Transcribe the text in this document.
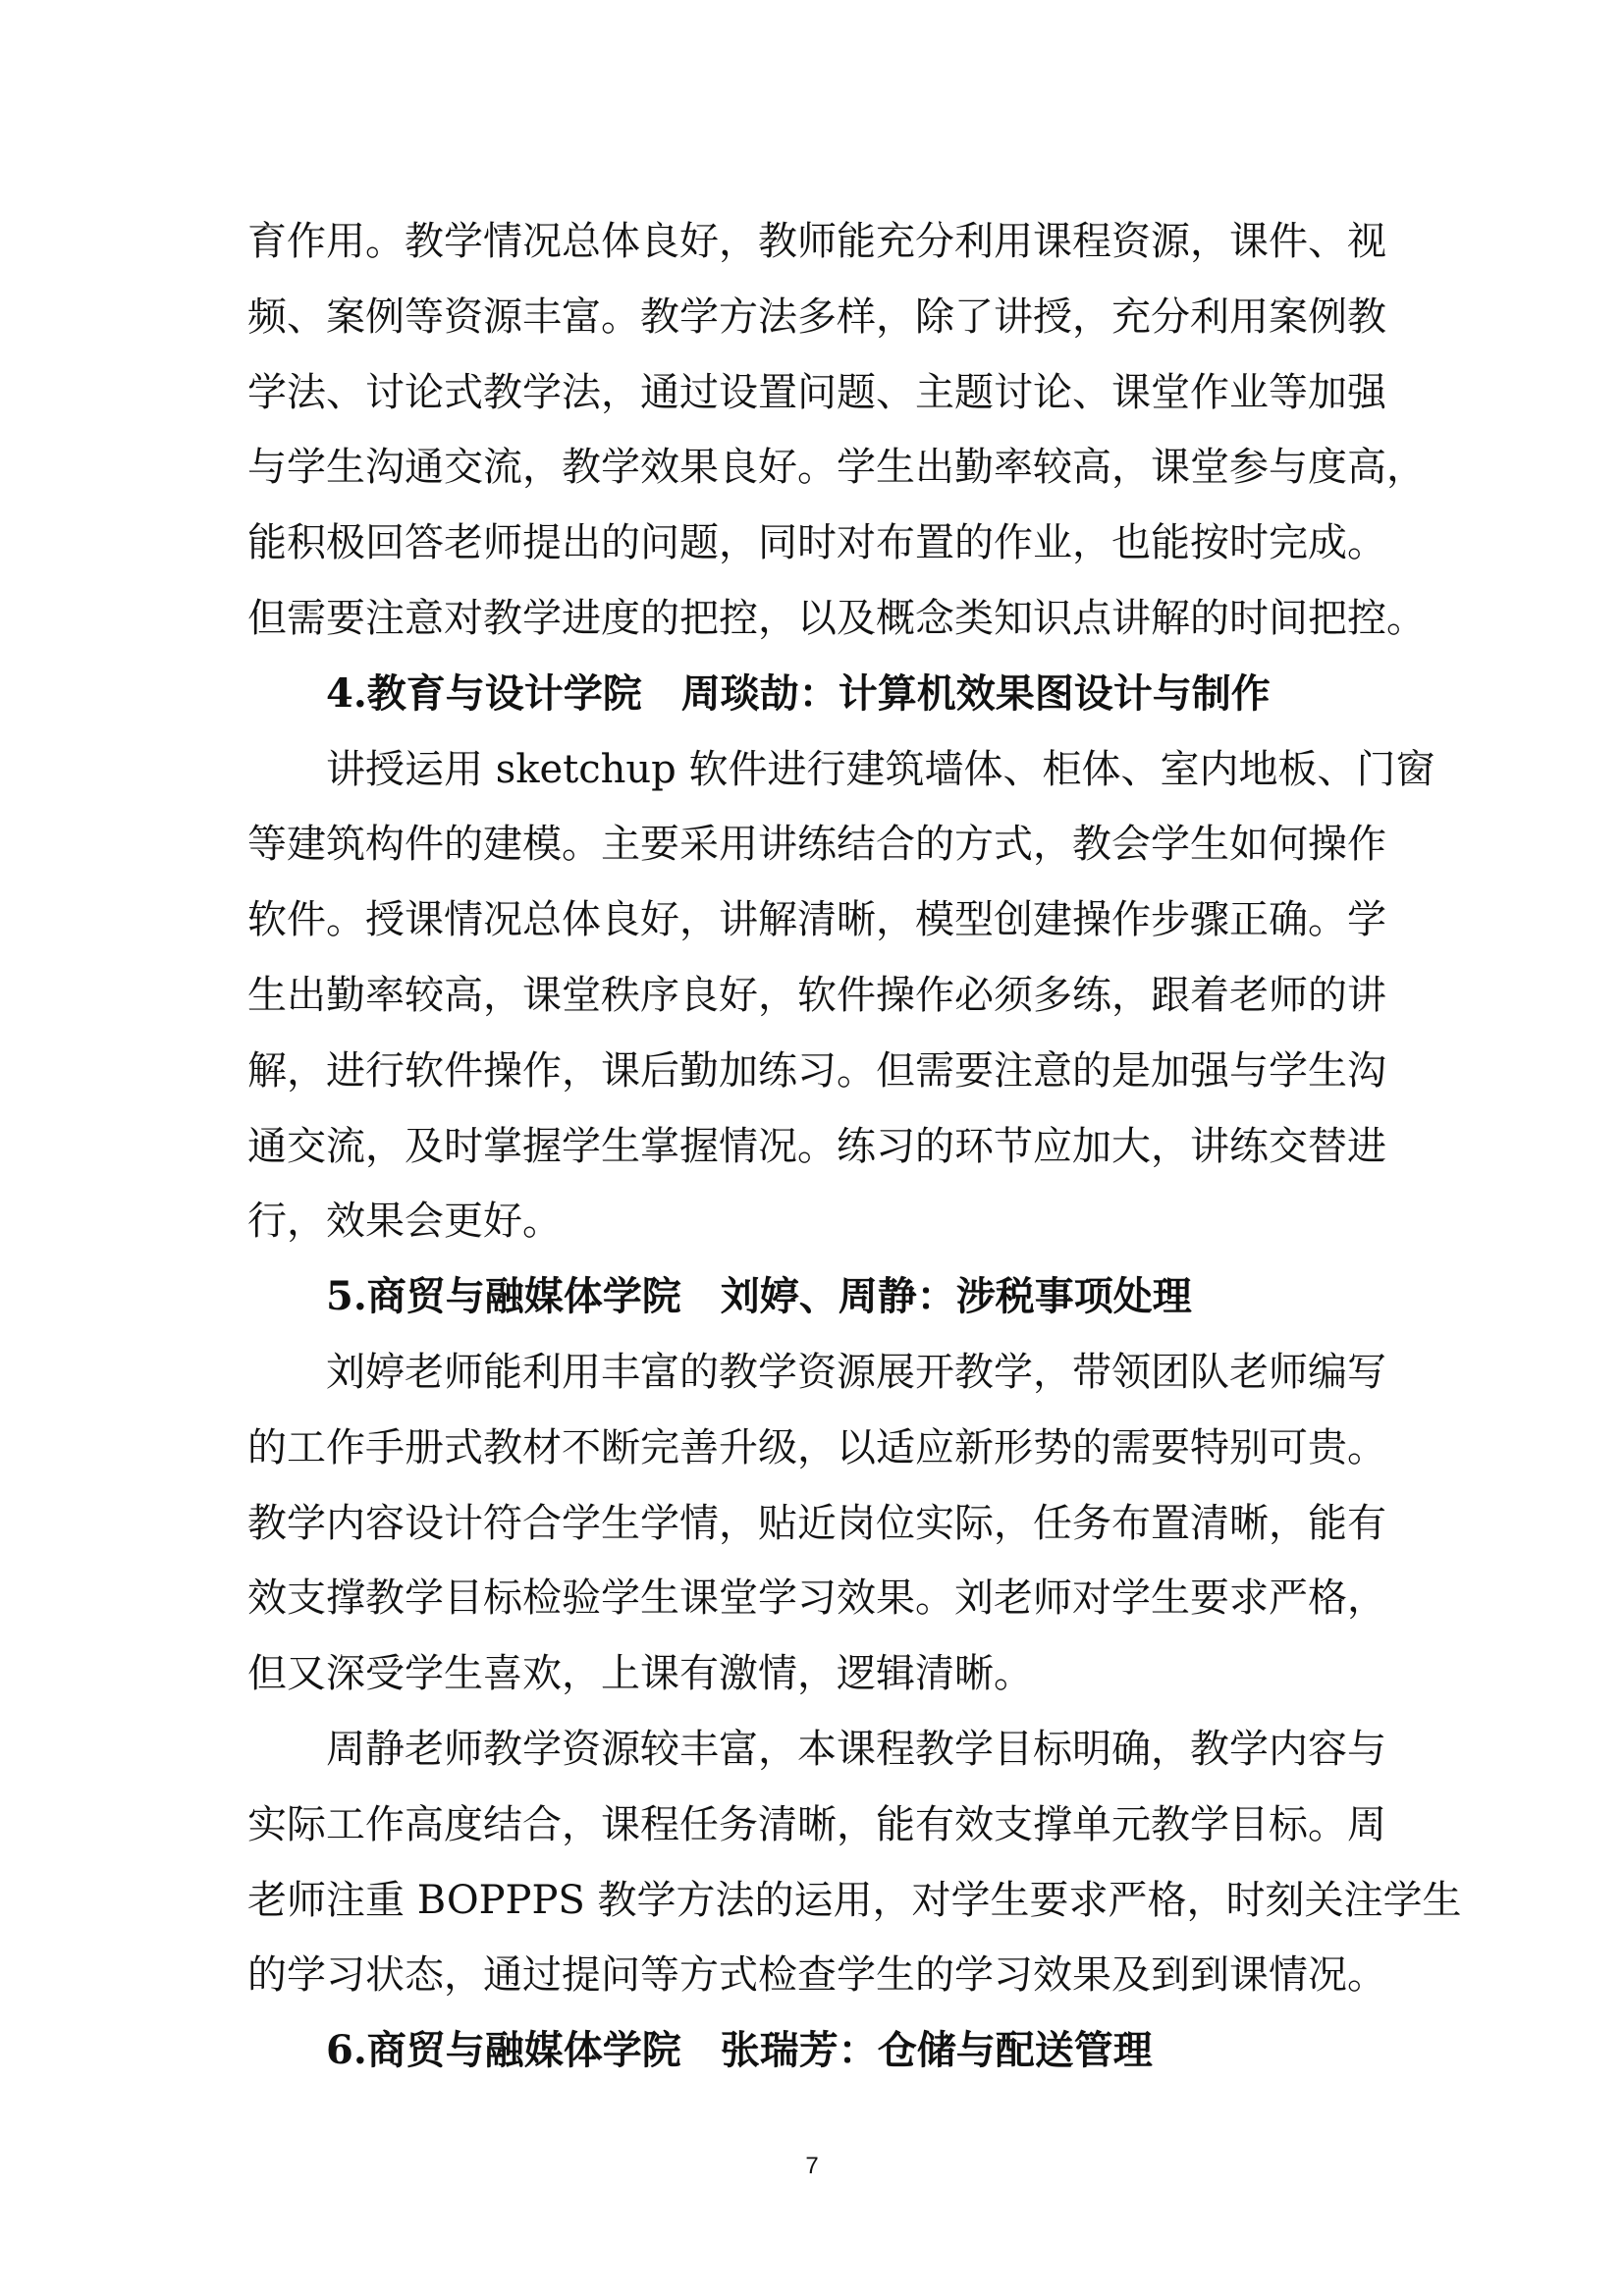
育作用。教学情况总体良好，教师能充分利用课程资源，课件、视
频、案例等资源丰富。教学方法多样，除了讲授，充分利用案例教
学法、讨论式教学法，通过设置问题、主题讨论、课堂作业等加强
与学生沟通交流，教学效果良好。学生出勤率较高，课堂参与度高，
能积极回答老师提出的问题，同时对布置的作业，也能按时完成。
但需要注意对教学进度的把控，以及概念类知识点讲解的时间把控。
4.教育与设计学院　周琰劼：计算机效果图设计与制作
讲授运用 sketchup 软件进行建筑墙体、柜体、室内地板、门窗
等建筑构件的建模。主要采用讲练结合的方式，教会学生如何操作
软件。授课情况总体良好，讲解清晰，模型创建操作步骤正确。学
生出勤率较高，课堂秩序良好，软件操作必须多练，跟着老师的讲
解，进行软件操作，课后勤加练习。但需要注意的是加强与学生沟
通交流，及时掌握学生掌握情况。练习的环节应加大，讲练交替进
行，效果会更好。
5.商贸与融媒体学院　刘婷、周静：涉税事项处理
刘婷老师能利用丰富的教学资源展开教学，带领团队老师编写
的工作手册式教材不断完善升级，以适应新形势的需要特别可贵。
教学内容设计符合学生学情，贴近岗位实际，任务布置清晰，能有
效支撑教学目标检验学生课堂学习效果。刘老师对学生要求严格，
但又深受学生喜欢，上课有激情，逻辑清晰。
周静老师教学资源较丰富，本课程教学目标明确，教学内容与
实际工作高度结合，课程任务清晰，能有效支撑单元教学目标。周
老师注重 BOPPPS 教学方法的运用，对学生要求严格，时刻关注学生
的学习状态，通过提问等方式检查学生的学习效果及到到课情况。
6.商贸与融媒体学院　张瑞芳：仓储与配送管理
7
